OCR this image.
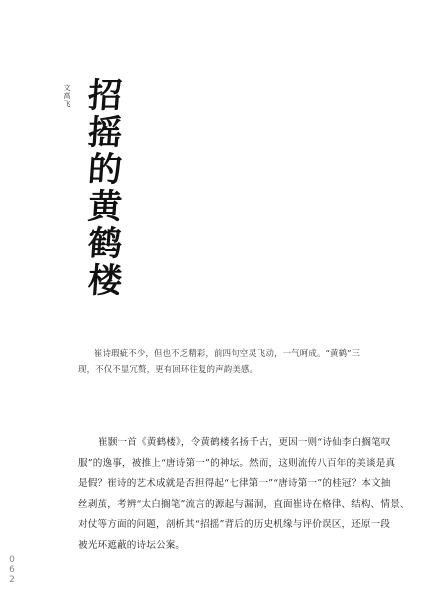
文高飞 招
摇
的
黄
鹤
楼
崔诗瑕疵不少，但也不乏精彩，前四句空灵飞动，一气呵成。“黄鹤”三
现，不仅不显冗赘，更有回环往复的声韵美感。
崔颢一首《黄鹤楼》，令黄鹤楼名扬千古，更因一则“诗仙李白搁笔叹
服”的逸事，被推上“唐诗第一”的神坛。然而，这则流传八百年的美谈是真
是假？崔诗的艺术成就是否担得起“七律第一”“唐诗第一”的桂冠？本文抽
丝剥茧，考辨“太白搁笔”流言的源起与漏洞，直面崔诗在格律、结构、情景、
对仗等方面的问题，剖析其“招摇”背后的历史机缘与评价误区，还原一段
被光环遮蔽的诗坛公案。
0
6
2
